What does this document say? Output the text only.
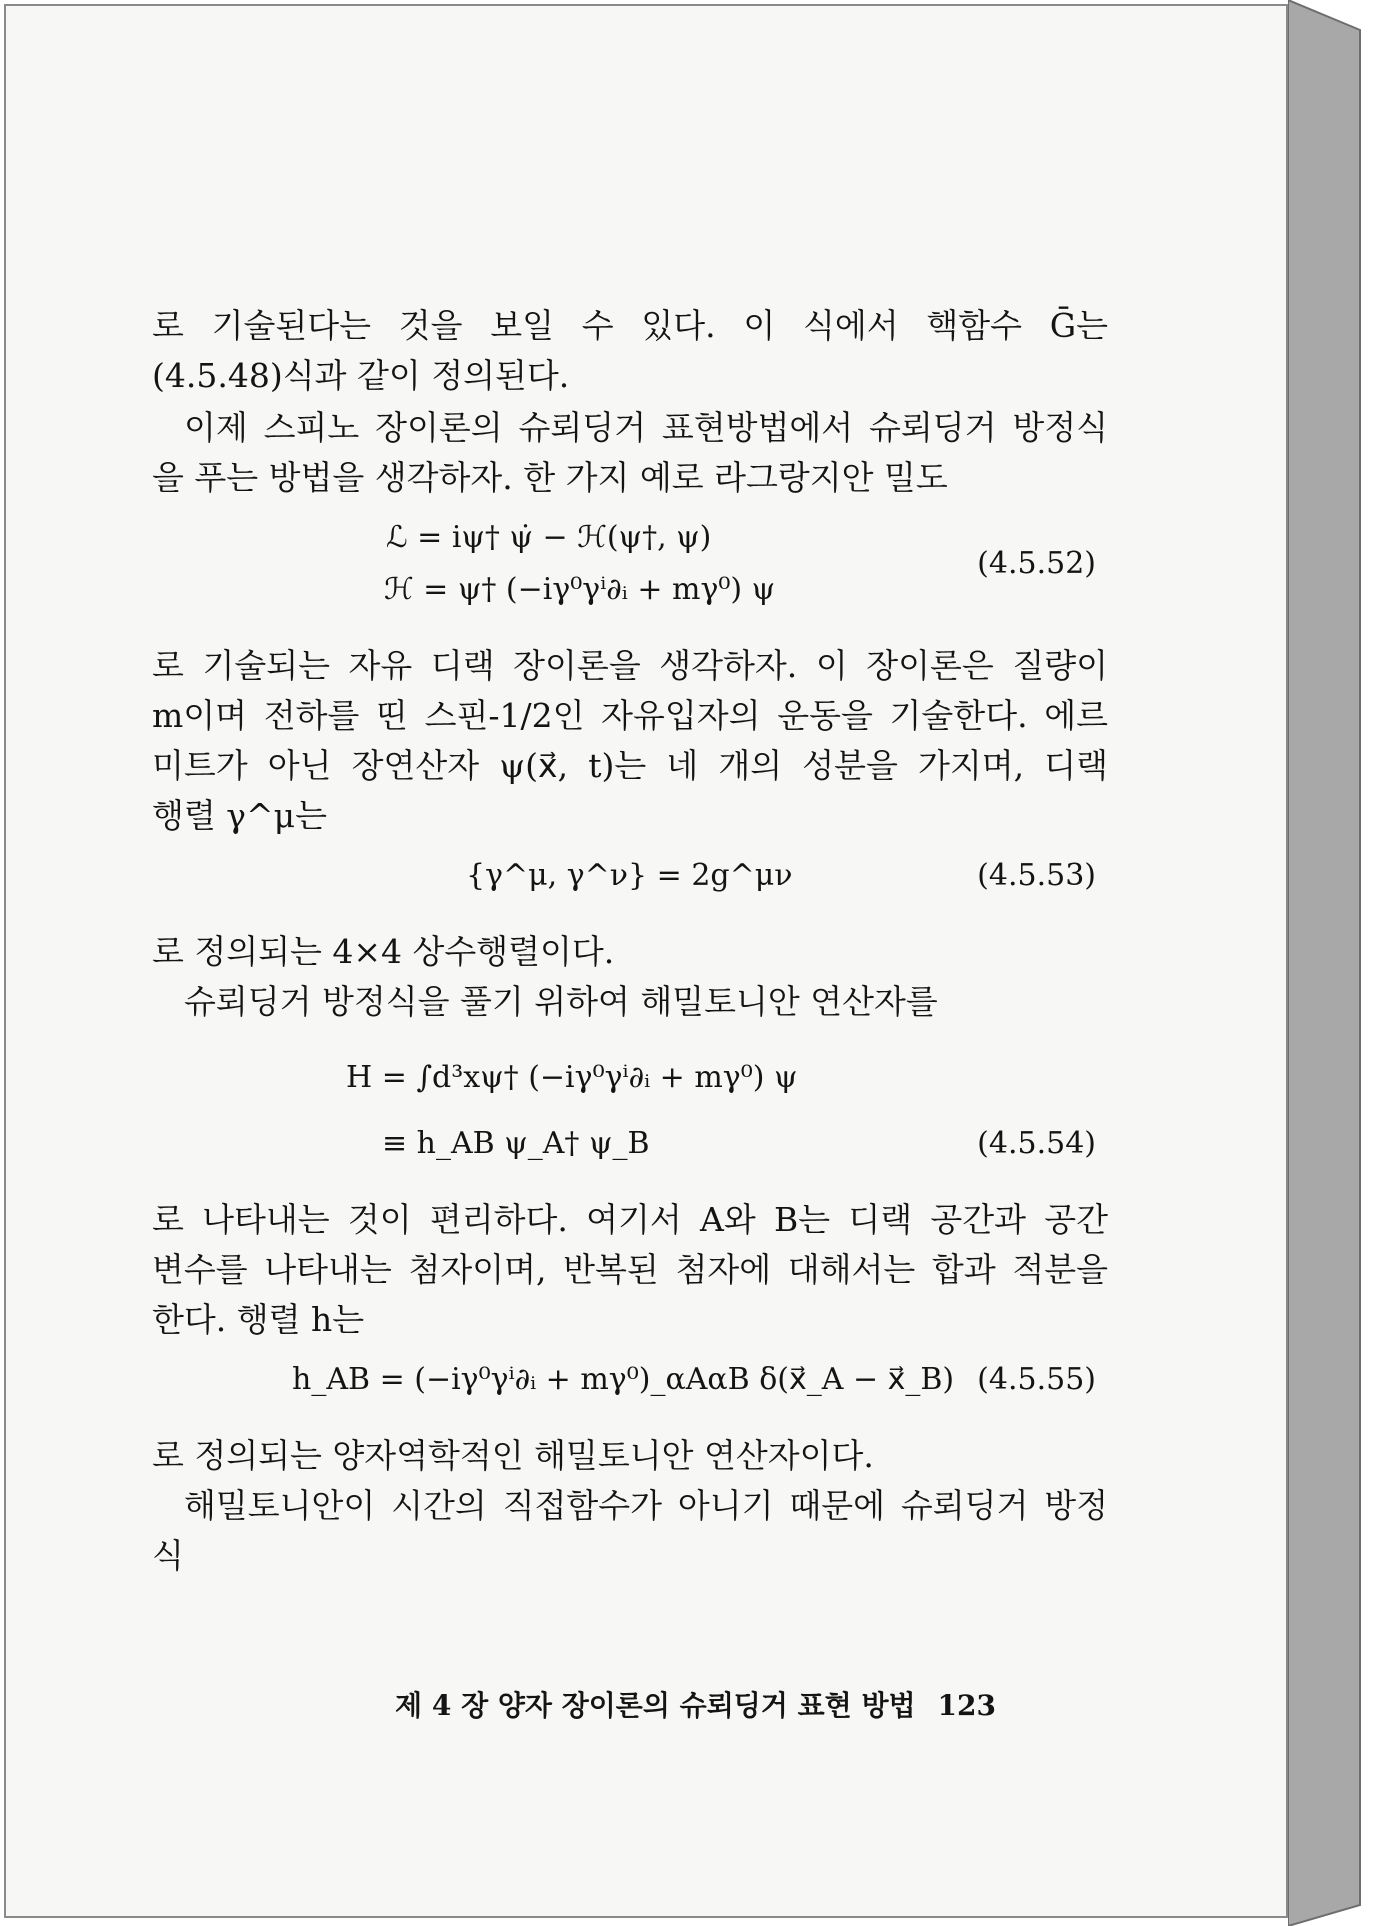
로 기술된다는 것을 보일 수 있다. 이 식에서 핵함수 Ḡ는
(4.5.48)식과 같이 정의된다.
이제 스피노 장이론의 슈뢰딩거 표현방법에서 슈뢰딩거 방정식
을 푸는 방법을 생각하자. 한 가지 예로 라그랑지안 밀도
ℒ = iψ† ψ̇ − ℋ(ψ†, ψ)
ℋ = ψ† (−iγ⁰γⁱ∂ᵢ + mγ⁰) ψ
(4.5.52)
로 기술되는 자유 디랙 장이론을 생각하자. 이 장이론은 질량이
m이며 전하를 띤 스핀-1/2인 자유입자의 운동을 기술한다. 에르
미트가 아닌 장연산자 ψ(x⃗, t)는 네 개의 성분을 가지며, 디랙
행렬 γ^μ는
{γ^μ, γ^ν} = 2g^μν	(4.5.53)
로 정의되는 4×4 상수행렬이다.
슈뢰딩거 방정식을 풀기 위하여 해밀토니안 연산자를
H = ∫d³xψ† (−iγ⁰γⁱ∂ᵢ + mγ⁰) ψ
≡ h_AB ψ_A† ψ_B	(4.5.54)
로 나타내는 것이 편리하다. 여기서 A와 B는 디랙 공간과 공간
변수를 나타내는 첨자이며, 반복된 첨자에 대해서는 합과 적분을
한다. 행렬 h는
h_AB = (−iγ⁰γⁱ∂ᵢ + mγ⁰)_αAαB δ(x⃗_A − x⃗_B) (4.5.55)
로 정의되는 양자역학적인 해밀토니안 연산자이다.
해밀토니안이 시간의 직접함수가 아니기 때문에 슈뢰딩거 방정
식
제 4 장 양자 장이론의 슈뢰딩거 표현 방법 123
